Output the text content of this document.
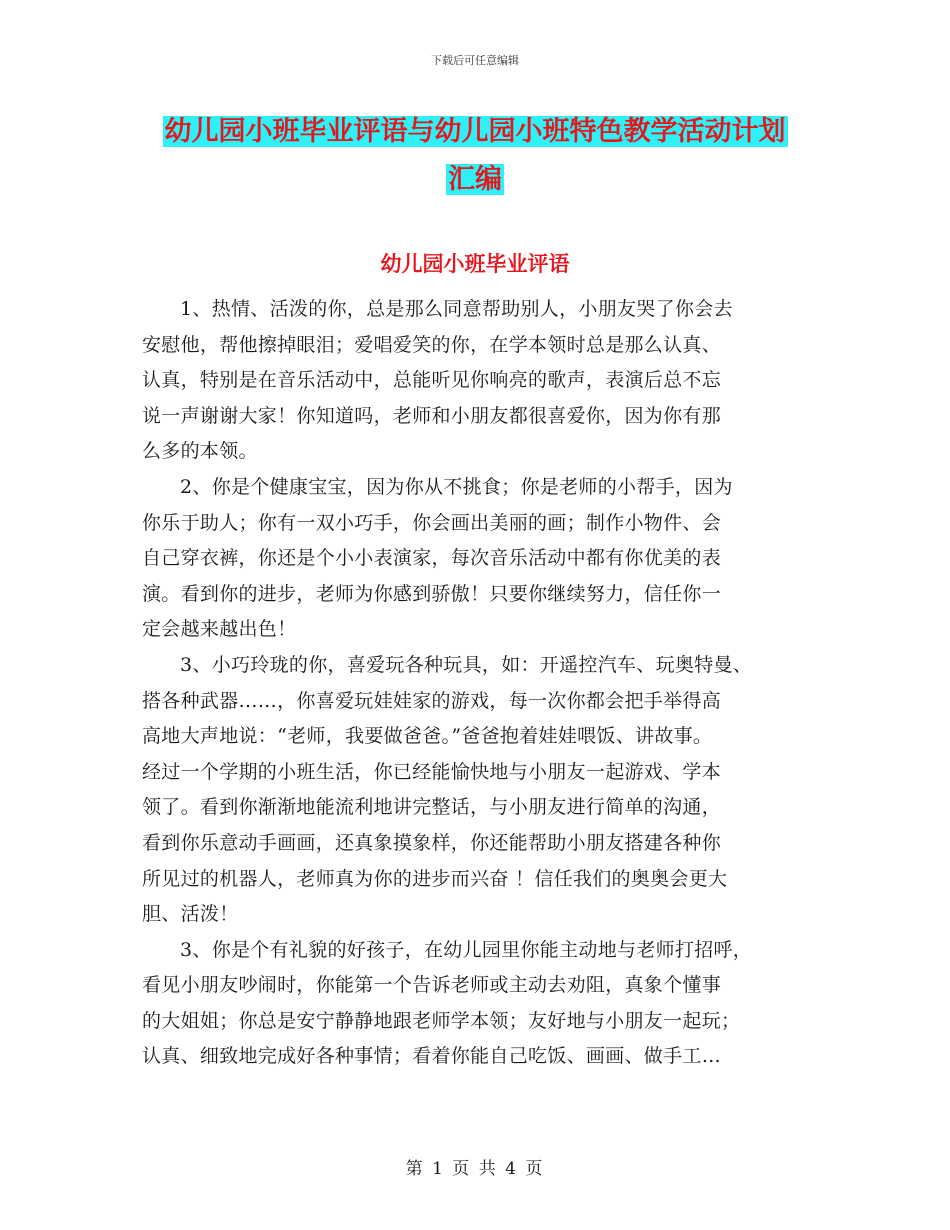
下载后可任意编辑
幼儿园小班毕业评语与幼儿园小班特色教学活动计划
汇编
幼儿园小班毕业评语
1、热情、活泼的你，总是那么同意帮助别人，小朋友哭了你会去
安慰他，帮他擦掉眼泪；爱唱爱笑的你，在学本领时总是那么认真、
认真，特别是在音乐活动中，总能听见你响亮的歌声，表演后总不忘
说一声谢谢大家！你知道吗，老师和小朋友都很喜爱你，因为你有那
么多的本领。
2、你是个健康宝宝，因为你从不挑食；你是老师的小帮手，因为
你乐于助人；你有一双小巧手，你会画出美丽的画；制作小物件、会
自己穿衣裤，你还是个小小表演家，每次音乐活动中都有你优美的表
演。看到你的进步，老师为你感到骄傲！只要你继续努力，信任你一
定会越来越出色！
3、小巧玲珑的你，喜爱玩各种玩具，如：开遥控汽车、玩奥特曼、
搭各种武器……，你喜爱玩娃娃家的游戏，每一次你都会把手举得高
高地大声地说：“老师，我要做爸爸。”爸爸抱着娃娃喂饭、讲故事。
经过一个学期的小班生活，你已经能愉快地与小朋友一起游戏、学本
领了。看到你渐渐地能流利地讲完整话，与小朋友进行简单的沟通，
看到你乐意动手画画，还真象摸象样，你还能帮助小朋友搭建各种你
所见过的机器人，老师真为你的进步而兴奋 ！信任我们的奥奥会更大
胆、活泼！
3、你是个有礼貌的好孩子，在幼儿园里你能主动地与老师打招呼，
看见小朋友吵闹时，你能第一个告诉老师或主动去劝阻，真象个懂事
的大姐姐；你总是安宁静静地跟老师学本领；友好地与小朋友一起玩；
认真、细致地完成好各种事情；看着你能自己吃饭、画画、做手工…
第 1 页 共 4 页
